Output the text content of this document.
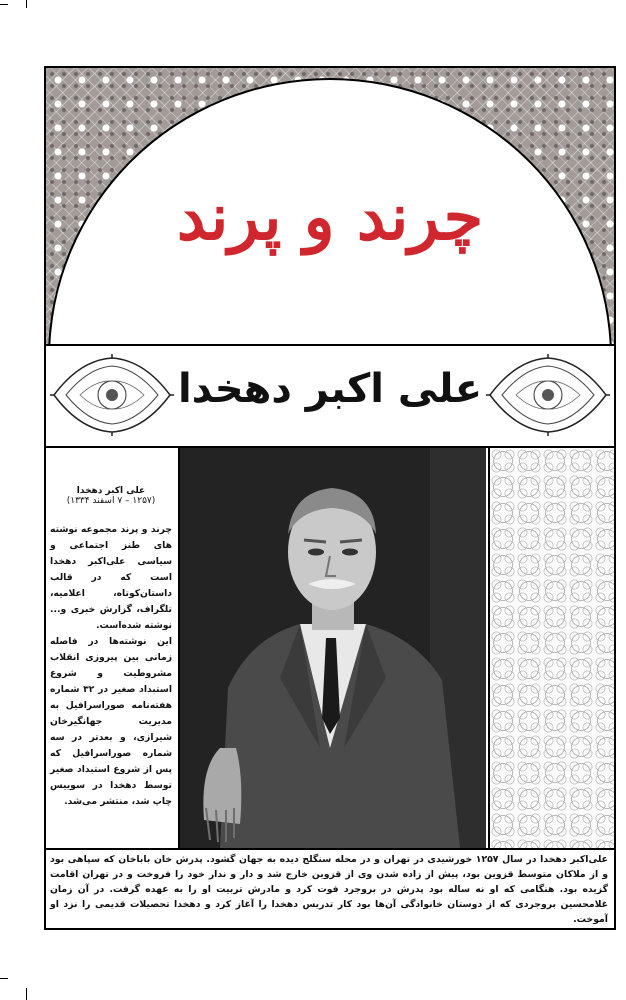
چرند و پرند
علی اکبر دهخدا
علی اکبر دهخدا
(۱۲۵۷ – ۷ اسفند ۱۳۳۴)

چرند و پرند مجموعه نوشته های طنز اجتماعی و سیاسی علی‌اکبر دهخدا است که در قالب داستان‌کوتاه، اعلامیه، تلگراف، گزارش خبری و... نوشته شده‌است.

این نوشته‌ها در فاصله زمانی بین پیروزی انقلاب مشروطیت و شروع استبداد صغیر در ۳۲ شماره هفته‌نامه صوراسرافیل به مدیریت جهانگیرخان شیرازی، و بعد‌تر در سه شماره صوراسرافیل که پس از شروع استبداد صغیر توسط دهخدا در سوییس چاپ شد، منتشر می‌شد.

علی‌اکبر دهخدا در سال ۱۲۵۷ خورشیدی در تهران و در محله سنگلج دیده به جهان گشود. پدرش خان باباخان که سپاهی بود و از ملاکان متوسط قزوین بود، پیش از زاده شدن وی از قزوین خارج شد و دار و ندار خود را فروخت و در تهران اقامت گزیده بود. هنگامی که او نه ساله بود پدرش در بروجرد فوت کرد و مادرش تربیت او را به عهده گرفت. در آن زمان غلامحسین بروجردی که از دوستان خانوادگی آن‌ها بود کار تدریس دهخدا را آغاز کرد و دهخدا تحصیلات قدیمی را نزد او آموخت.
